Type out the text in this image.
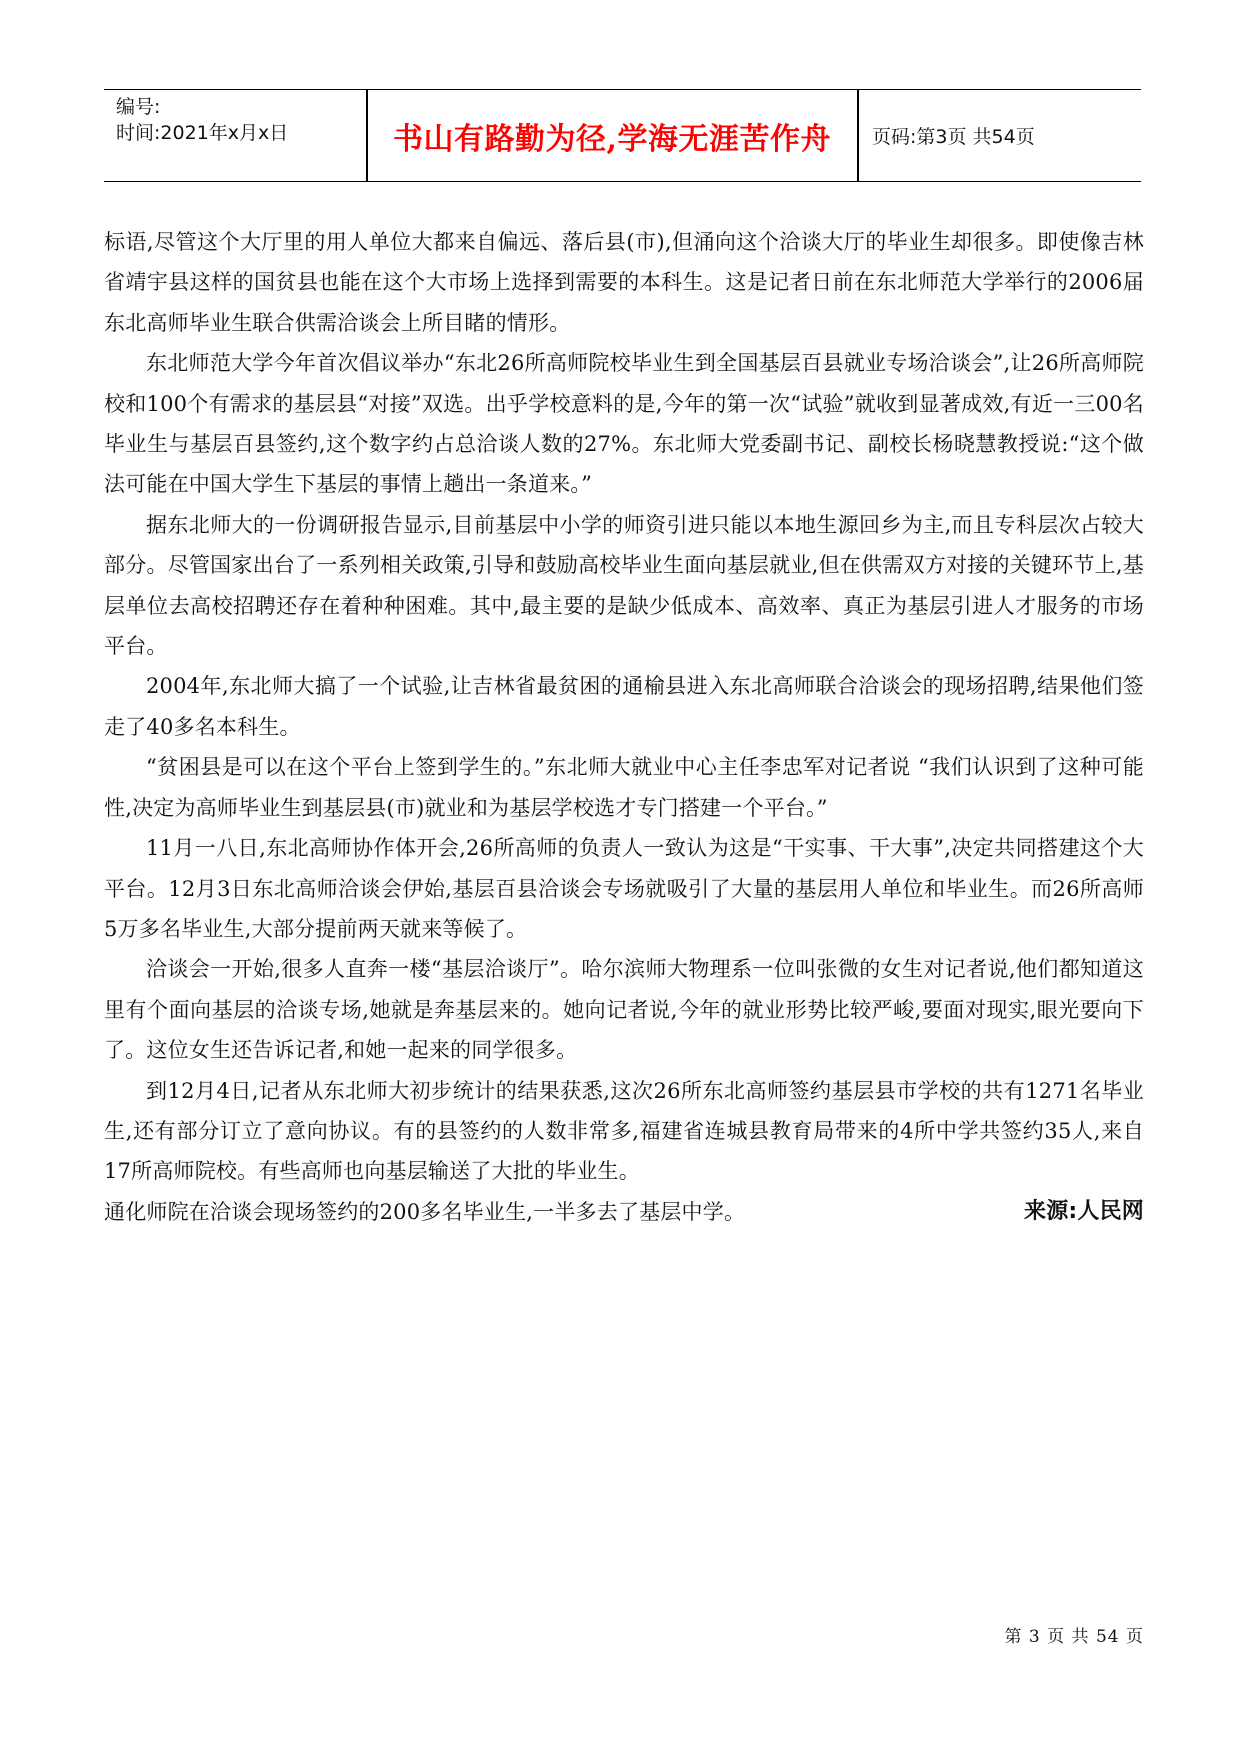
编号:
时间:2021年x月x日	书山有路勤为径,学海无涯苦作舟	页码:第3页 共54页

标语,尽管这个大厅里的用人单位大都来自偏远、落后县(市),但涌向这个洽谈大厅的毕业生却很多。即使像吉林省靖宇县这样的国贫县也能在这个大市场上选择到需要的本科生。这是记者日前在东北师范大学举行的2006届东北高师毕业生联合供需洽谈会上所目睹的情形。

东北师范大学今年首次倡议举办“东北26所高师院校毕业生到全国基层百县就业专场洽谈会”,让26所高师院校和100个有需求的基层县“对接”双选。出乎学校意料的是,今年的第一次“试验”就收到显著成效,有近一三00名毕业生与基层百县签约,这个数字约占总洽谈人数的27%。东北师大党委副书记、副校长杨晓慧教授说:“这个做法可能在中国大学生下基层的事情上趟出一条道来。”

据东北师大的一份调研报告显示,目前基层中小学的师资引进只能以本地生源回乡为主,而且专科层次占较大部分。尽管国家出台了一系列相关政策,引导和鼓励高校毕业生面向基层就业,但在供需双方对接的关键环节上,基层单位去高校招聘还存在着种种困难。其中,最主要的是缺少低成本、高效率、真正为基层引进人才服务的市场平台。

2004年,东北师大搞了一个试验,让吉林省最贫困的通榆县进入东北高师联合洽谈会的现场招聘,结果他们签走了40多名本科生。

“贫困县是可以在这个平台上签到学生的。”东北师大就业中心主任李忠军对记者说 “我们认识到了这种可能性,决定为高师毕业生到基层县(市)就业和为基层学校选才专门搭建一个平台。”

11月一八日,东北高师协作体开会,26所高师的负责人一致认为这是“干实事、干大事”,决定共同搭建这个大平台。12月3日东北高师洽谈会伊始,基层百县洽谈会专场就吸引了大量的基层用人单位和毕业生。而26所高师5万多名毕业生,大部分提前两天就来等候了。

洽谈会一开始,很多人直奔一楼“基层洽谈厅”。哈尔滨师大物理系一位叫张微的女生对记者说,他们都知道这里有个面向基层的洽谈专场,她就是奔基层来的。她向记者说,今年的就业形势比较严峻,要面对现实,眼光要向下了。这位女生还告诉记者,和她一起来的同学很多。

到12月4日,记者从东北师大初步统计的结果获悉,这次26所东北高师签约基层县市学校的共有1271名毕业生,还有部分订立了意向协议。有的县签约的人数非常多,福建省连城县教育局带来的4所中学共签约35人,来自17所高师院校。有些高师也向基层输送了大批的毕业生。

通化师院在洽谈会现场签约的200多名毕业生,一半多去了基层中学。	来源:人民网
第 3 页 共 54 页
